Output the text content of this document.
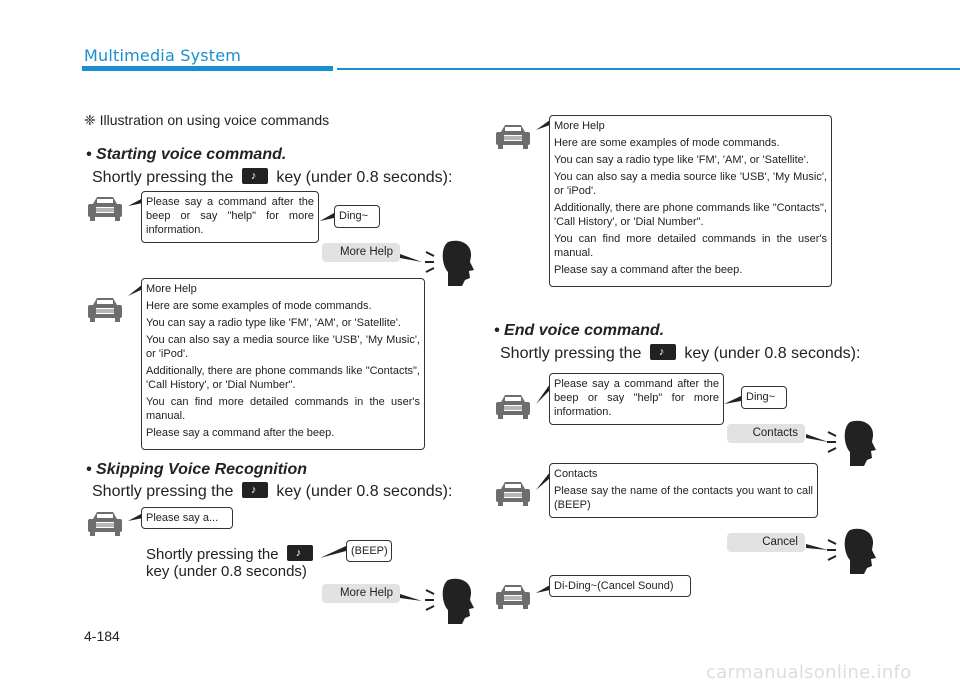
Multimedia System
❈ Illustration on using voice commands
• Starting voice command.
Shortly pressing the ♪ key (under 0.8 seconds):

Please say a command after the beep or say "help" for more information.

Ding~
More Help

More Help

Here are some examples of mode commands.

You can say a radio type like 'FM', 'AM', or 'Satellite'.

You can also say a media source like 'USB', 'My Music', or 'iPod'.

Additionally, there are phone commands like "Contacts", 'Call History', or 'Dial Number".

You can find more detailed commands in the user's manual.

Please say a command after the beep.

• Skipping Voice Recognition
Shortly pressing the ♪ key (under 0.8 seconds):
Please say a...
Shortly pressing the ♪

key (under 0.8 seconds)
(BEEP)
More Help

More Help

Here are some examples of mode commands.

You can say a radio type like 'FM', 'AM', or 'Satellite'.

You can also say a media source like 'USB', 'My Music', or 'iPod'.

Additionally, there are phone commands like "Contacts", 'Call History', or 'Dial Number".

You can find more detailed commands in the user's manual.

Please say a command after the beep.

• End voice command.
Shortly pressing the ♪ key (under 0.8 seconds):

Please say a command after the beep or say "help" for more information.

Ding~
Contacts

Contacts

Please say the name of the contacts you want to call (BEEP)

Cancel
Di-Ding~(Cancel Sound)
4-184
carmanualsonline.info
